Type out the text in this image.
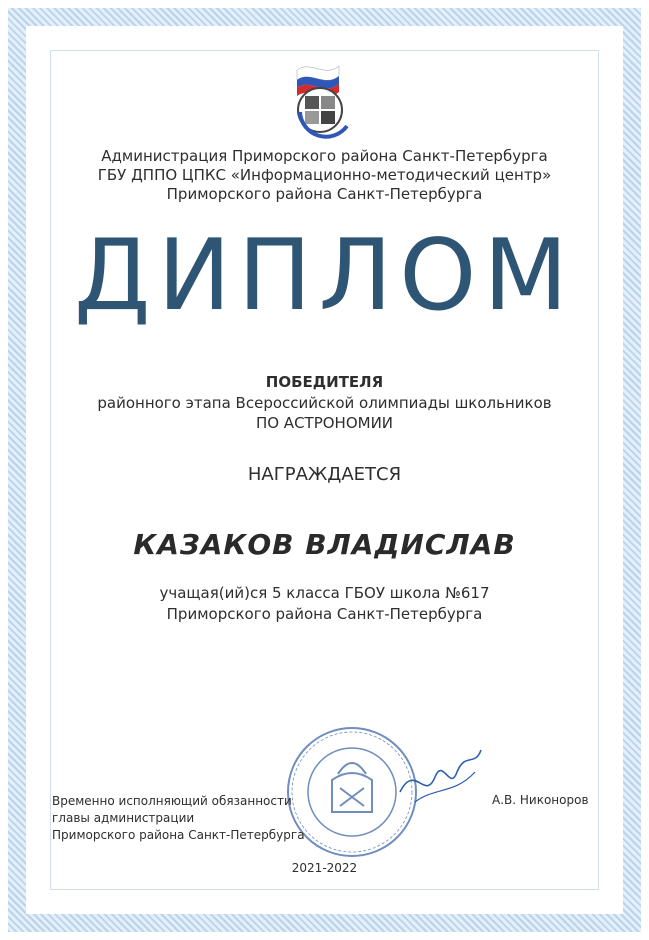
Администрация Приморского района Санкт-Петербурга
ГБУ ДППО ЦПКС «Информационно-методический центр»
Приморского района Санкт-Петербурга
ДИПЛОМ
ПОБЕДИТЕЛЯ
районного этапа Всероссийской олимпиады школьников
ПО АСТРОНОМИИ
НАГРАЖДАЕТСЯ
КАЗАКОВ ВЛАДИСЛАВ
учащая(ий)ся 5 класса ГБОУ школа №617
Приморского района Санкт-Петербурга
Временно исполняющий обязанности
главы администрации
Приморского района Санкт-Петербурга
А.В. Никоноров
2021-2022
